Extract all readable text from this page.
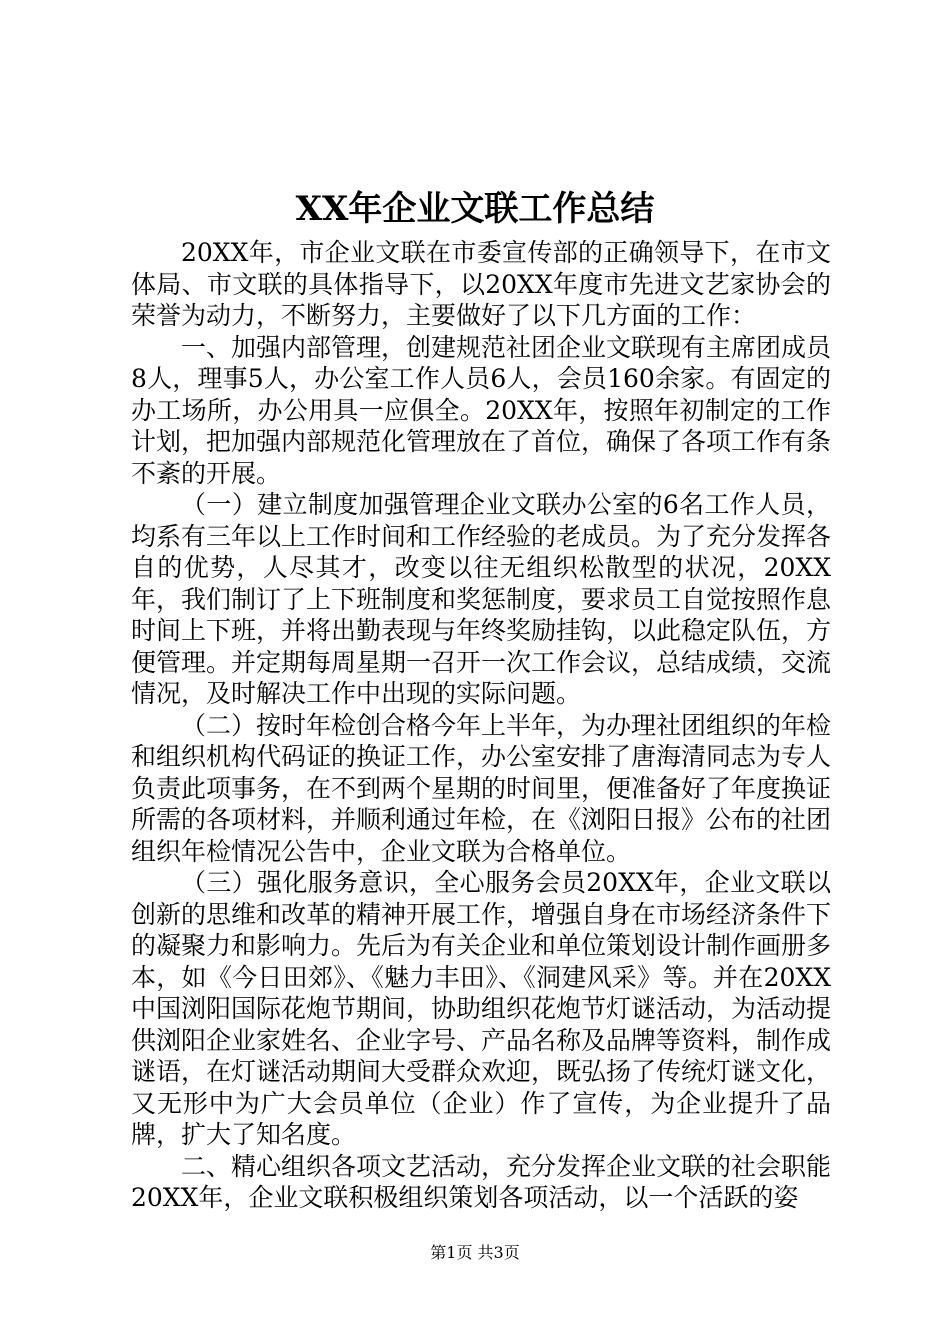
XX年企业文联工作总结

20XX年，市企业文联在市委宣传部的正确领导下，在市文体局、市文联的具体指导下，以20XX年度市先进文艺家协会的荣誉为动力，不断努力，主要做好了以下几方面的工作：

一、加强内部管理，创建规范社团企业文联现有主席团成员8人，理事5人，办公室工作人员6人，会员160余家。有固定的办工场所，办公用具一应俱全。20XX年，按照年初制定的工作计划，把加强内部规范化管理放在了首位，确保了各项工作有条不紊的开展。

（一）建立制度加强管理企业文联办公室的6名工作人员，均系有三年以上工作时间和工作经验的老成员。为了充分发挥各自的优势，人尽其才，改变以往无组织松散型的状况，20XX年，我们制订了上下班制度和奖惩制度，要求员工自觉按照作息时间上下班，并将出勤表现与年终奖励挂钩，以此稳定队伍，方便管理。并定期每周星期一召开一次工作会议，总结成绩，交流情况，及时解决工作中出现的实际问题。

（二）按时年检创合格今年上半年，为办理社团组织的年检和组织机构代码证的换证工作，办公室安排了唐海清同志为专人负责此项事务，在不到两个星期的时间里，便准备好了年度换证所需的各项材料，并顺利通过年检，在《浏阳日报》公布的社团组织年检情况公告中，企业文联为合格单位。

（三）强化服务意识，全心服务会员20XX年，企业文联以创新的思维和改革的精神开展工作，增强自身在市场经济条件下的凝聚力和影响力。先后为有关企业和单位策划设计制作画册多本，如《今日田郊》、《魅力丰田》、《洞建风采》等。并在20XX中国浏阳国际花炮节期间，协助组织花炮节灯谜活动，为活动提供浏阳企业家姓名、企业字号、产品名称及品牌等资料，制作成谜语，在灯谜活动期间大受群众欢迎，既弘扬了传统灯谜文化，又无形中为广大会员单位（企业）作了宣传，为企业提升了品牌，扩大了知名度。

二、精心组织各项文艺活动，充分发挥企业文联的社会职能20XX年，企业文联积极组织策划各项活动，以一个活跃的姿

第1页 共3页
